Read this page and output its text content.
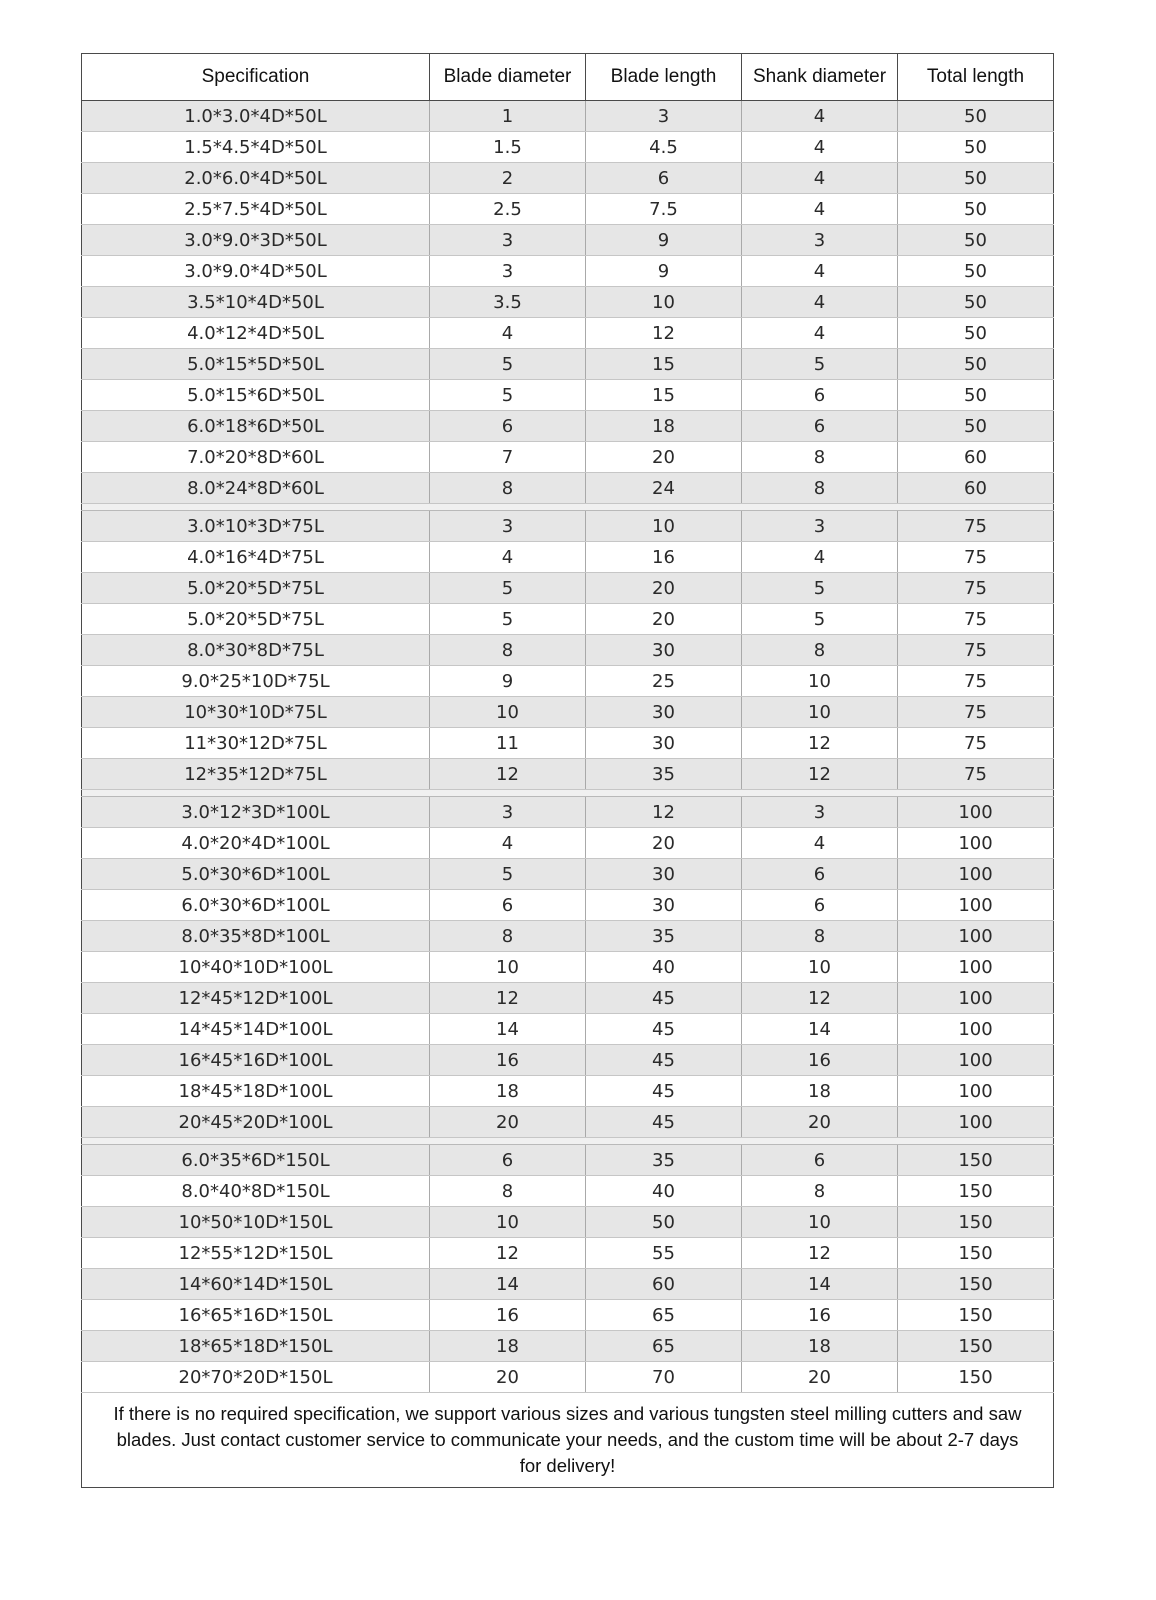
Specification	Blade diameter	Blade length	Shank diameter	Total length
1.0*3.0*4D*50L	1	3	4	50
1.5*4.5*4D*50L	1.5	4.5	4	50
2.0*6.0*4D*50L	2	6	4	50
2.5*7.5*4D*50L	2.5	7.5	4	50
3.0*9.0*3D*50L	3	9	3	50
3.0*9.0*4D*50L	3	9	4	50
3.5*10*4D*50L	3.5	10	4	50
4.0*12*4D*50L	4	12	4	50
5.0*15*5D*50L	5	15	5	50
5.0*15*6D*50L	5	15	6	50
6.0*18*6D*50L	6	18	6	50
7.0*20*8D*60L	7	20	8	60
8.0*24*8D*60L	8	24	8	60

3.0*10*3D*75L	3	10	3	75
4.0*16*4D*75L	4	16	4	75
5.0*20*5D*75L	5	20	5	75
5.0*20*5D*75L	5	20	5	75
8.0*30*8D*75L	8	30	8	75
9.0*25*10D*75L	9	25	10	75
10*30*10D*75L	10	30	10	75
11*30*12D*75L	11	30	12	75
12*35*12D*75L	12	35	12	75

3.0*12*3D*100L	3	12	3	100
4.0*20*4D*100L	4	20	4	100
5.0*30*6D*100L	5	30	6	100
6.0*30*6D*100L	6	30	6	100
8.0*35*8D*100L	8	35	8	100
10*40*10D*100L	10	40	10	100
12*45*12D*100L	12	45	12	100
14*45*14D*100L	14	45	14	100
16*45*16D*100L	16	45	16	100
18*45*18D*100L	18	45	18	100
20*45*20D*100L	20	45	20	100

6.0*35*6D*150L	6	35	6	150
8.0*40*8D*150L	8	40	8	150
10*50*10D*150L	10	50	10	150
12*55*12D*150L	12	55	12	150
14*60*14D*150L	14	60	14	150
16*65*16D*150L	16	65	16	150
18*65*18D*150L	18	65	18	150
20*70*20D*150L	20	70	20	150
If there is no required specification, we support various sizes and various tungsten steel milling cutters and saw blades. Just contact customer service to communicate your needs, and the custom time will be about 2-7 days for delivery!				
